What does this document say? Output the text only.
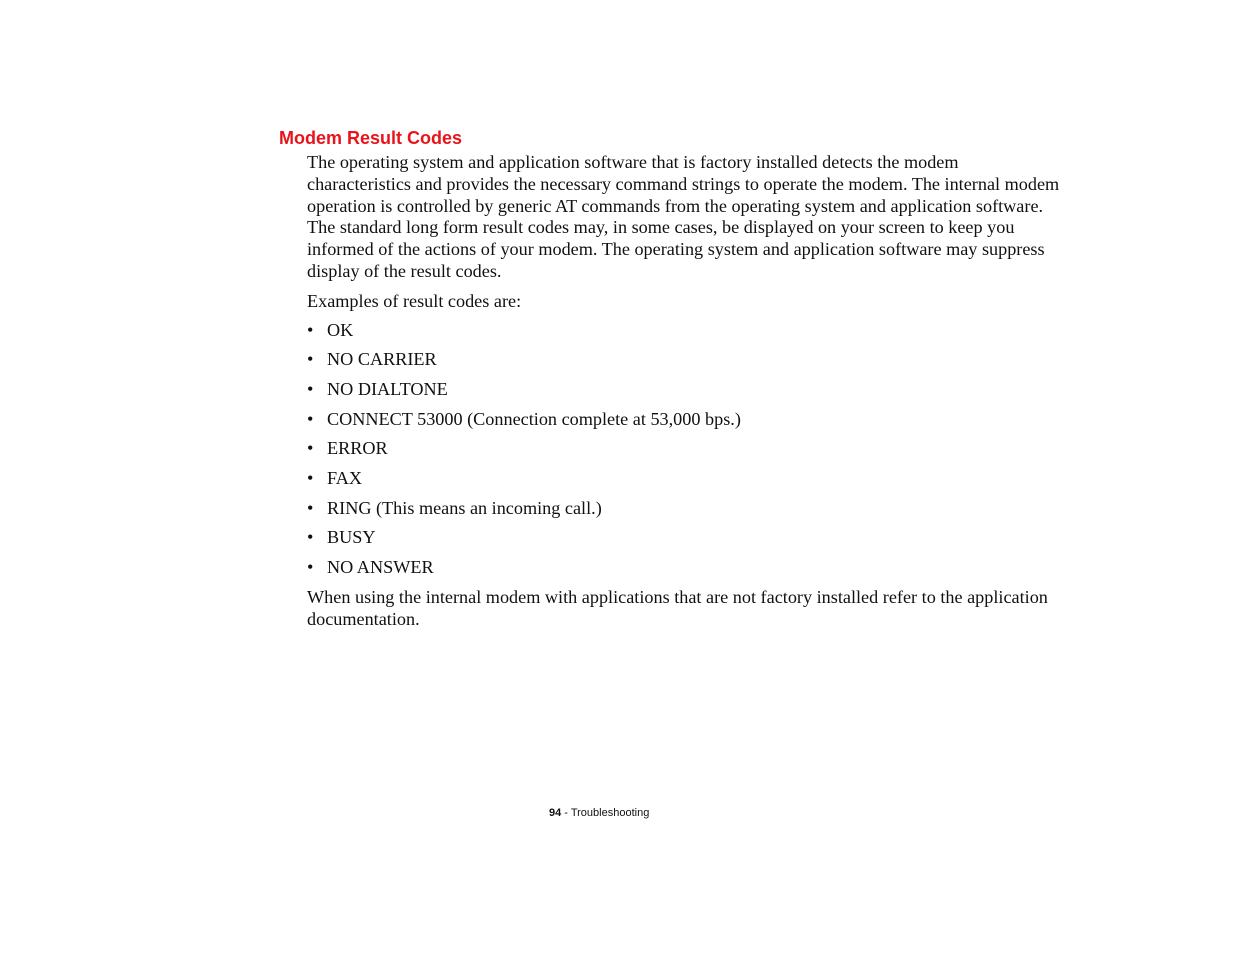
Modem Result Codes

The operating system and application software that is factory installed detects the modem characteristics and provides the necessary command strings to operate the modem. The internal modem operation is controlled by generic AT commands from the operating system and application software. The standard long form result codes may, in some cases, be displayed on your screen to keep you informed of the actions of your modem. The operating system and application software may suppress display of the result codes.

Examples of result codes are:

• OK
• NO CARRIER
• NO DIALTONE
• CONNECT 53000 (Connection complete at 53,000 bps.)
• ERROR
• FAX
• RING (This means an incoming call.)
• BUSY
• NO ANSWER

When using the internal modem with applications that are not factory installed refer to the application documentation.

94 - Troubleshooting
